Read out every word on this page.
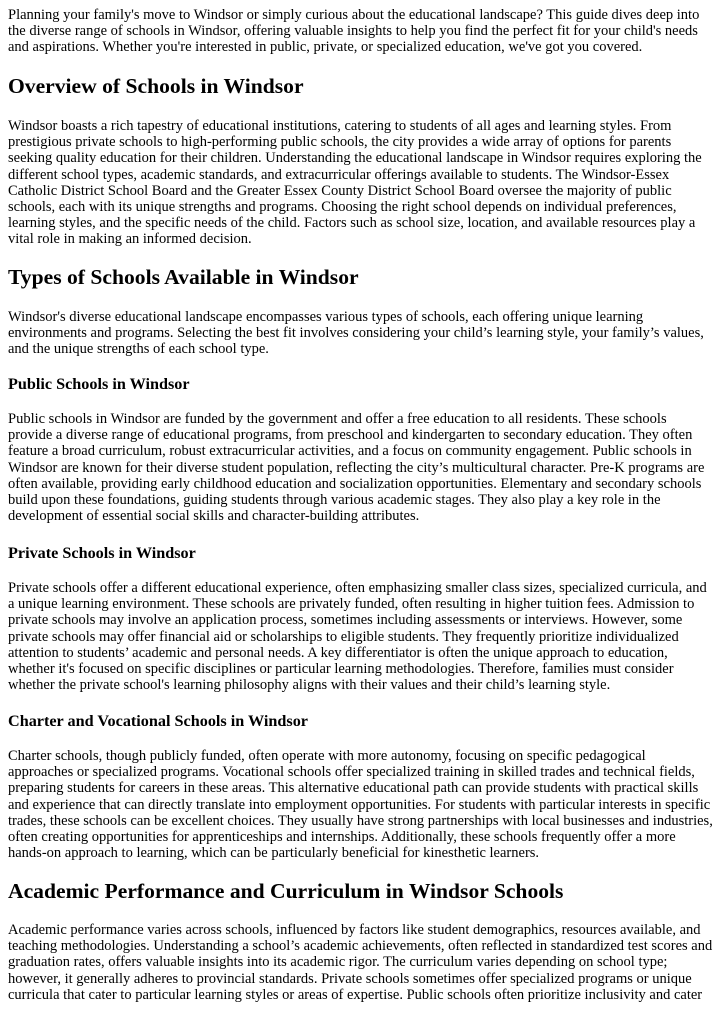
Planning your family's move to Windsor or simply curious about the educational landscape? This guide dives deep into the diverse range of schools in Windsor, offering valuable insights to help you find the perfect fit for your child's needs and aspirations. Whether you're interested in public, private, or specialized education, we've got you covered.

Overview of Schools in Windsor

Windsor boasts a rich tapestry of educational institutions, catering to students of all ages and learning styles. From prestigious private schools to high-performing public schools, the city provides a wide array of options for parents seeking quality education for their children. Understanding the educational landscape in Windsor requires exploring the different school types, academic standards, and extracurricular offerings available to students. The Windsor-Essex Catholic District School Board and the Greater Essex County District School Board oversee the majority of public schools, each with its unique strengths and programs. Choosing the right school depends on individual preferences, learning styles, and the specific needs of the child. Factors such as school size, location, and available resources play a vital role in making an informed decision.

Types of Schools Available in Windsor

Windsor's diverse educational landscape encompasses various types of schools, each offering unique learning environments and programs. Selecting the best fit involves considering your child’s learning style, your family’s values, and the unique strengths of each school type.

Public Schools in Windsor

Public schools in Windsor are funded by the government and offer a free education to all residents. These schools provide a diverse range of educational programs, from preschool and kindergarten to secondary education. They often feature a broad curriculum, robust extracurricular activities, and a focus on community engagement. Public schools in Windsor are known for their diverse student population, reflecting the city’s multicultural character. Pre-K programs are often available, providing early childhood education and socialization opportunities. Elementary and secondary schools build upon these foundations, guiding students through various academic stages. They also play a key role in the development of essential social skills and character-building attributes.

Private Schools in Windsor

Private schools offer a different educational experience, often emphasizing smaller class sizes, specialized curricula, and a unique learning environment. These schools are privately funded, often resulting in higher tuition fees. Admission to private schools may involve an application process, sometimes including assessments or interviews. However, some private schools may offer financial aid or scholarships to eligible students. They frequently prioritize individualized attention to students’ academic and personal needs. A key differentiator is often the unique approach to education, whether it's focused on specific disciplines or particular learning methodologies. Therefore, families must consider whether the private school's learning philosophy aligns with their values and their child’s learning style.

Charter and Vocational Schools in Windsor

Charter schools, though publicly funded, often operate with more autonomy, focusing on specific pedagogical approaches or specialized programs. Vocational schools offer specialized training in skilled trades and technical fields, preparing students for careers in these areas. This alternative educational path can provide students with practical skills and experience that can directly translate into employment opportunities. For students with particular interests in specific trades, these schools can be excellent choices. They usually have strong partnerships with local businesses and industries, often creating opportunities for apprenticeships and internships. Additionally, these schools frequently offer a more hands-on approach to learning, which can be particularly beneficial for kinesthetic learners.

Academic Performance and Curriculum in Windsor Schools

Academic performance varies across schools, influenced by factors like student demographics, resources available, and teaching methodologies. Understanding a school’s academic achievements, often reflected in standardized test scores and graduation rates, offers valuable insights into its academic rigor. The curriculum varies depending on school type; however, it generally adheres to provincial standards. Private schools sometimes offer specialized programs or unique curricula that cater to particular learning styles or areas of expertise. Public schools often prioritize inclusivity and cater
